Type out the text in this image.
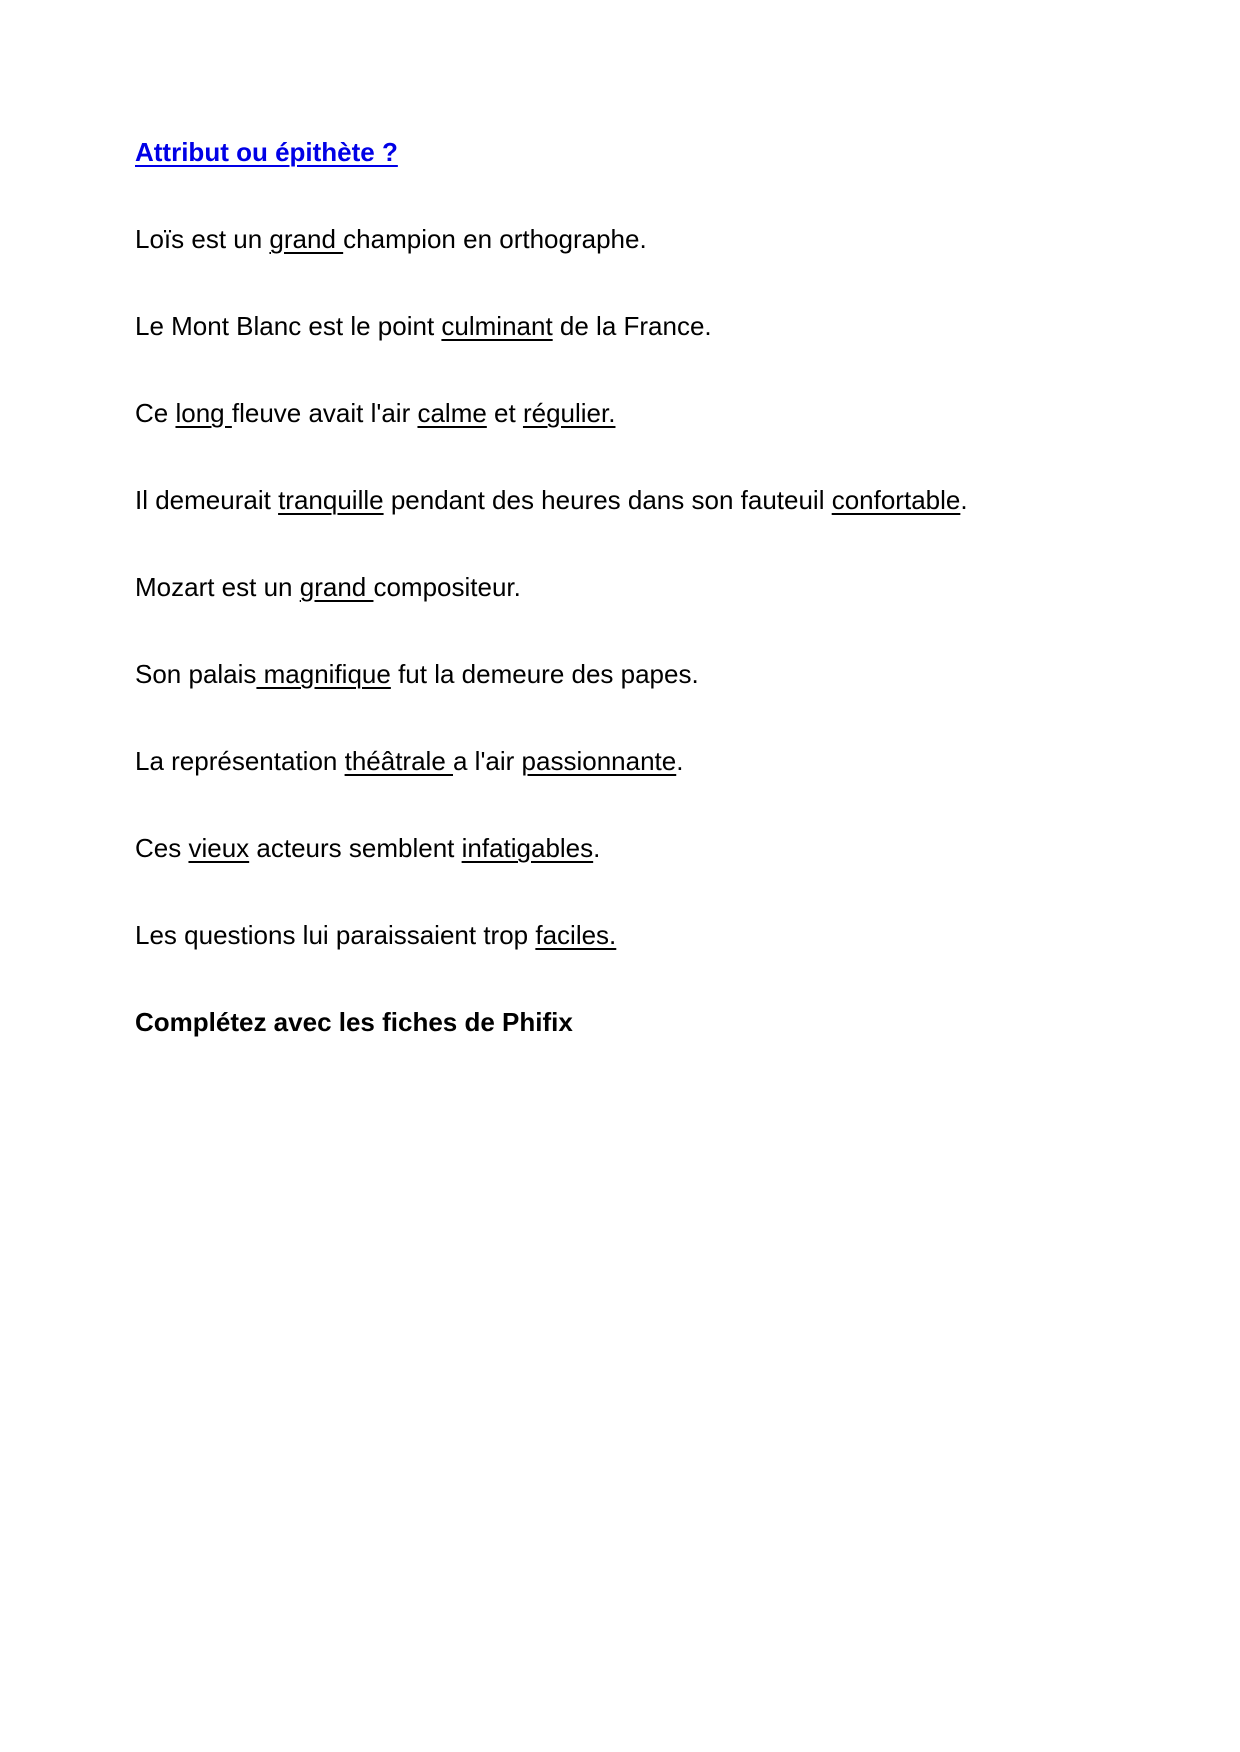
Attribut ou épithète ?

Loïs est un grand champion en orthographe.

Le Mont Blanc est le point culminant de la France.

Ce long fleuve avait l'air calme et régulier.

Il demeurait tranquille pendant des heures dans son fauteuil confortable.

Mozart est un grand compositeur.

Son palais magnifique fut la demeure des papes.

La représentation théâtrale a l'air passionnante.

Ces vieux acteurs semblent infatigables.

Les questions lui paraissaient trop faciles.

Complétez avec les fiches de Phifix
